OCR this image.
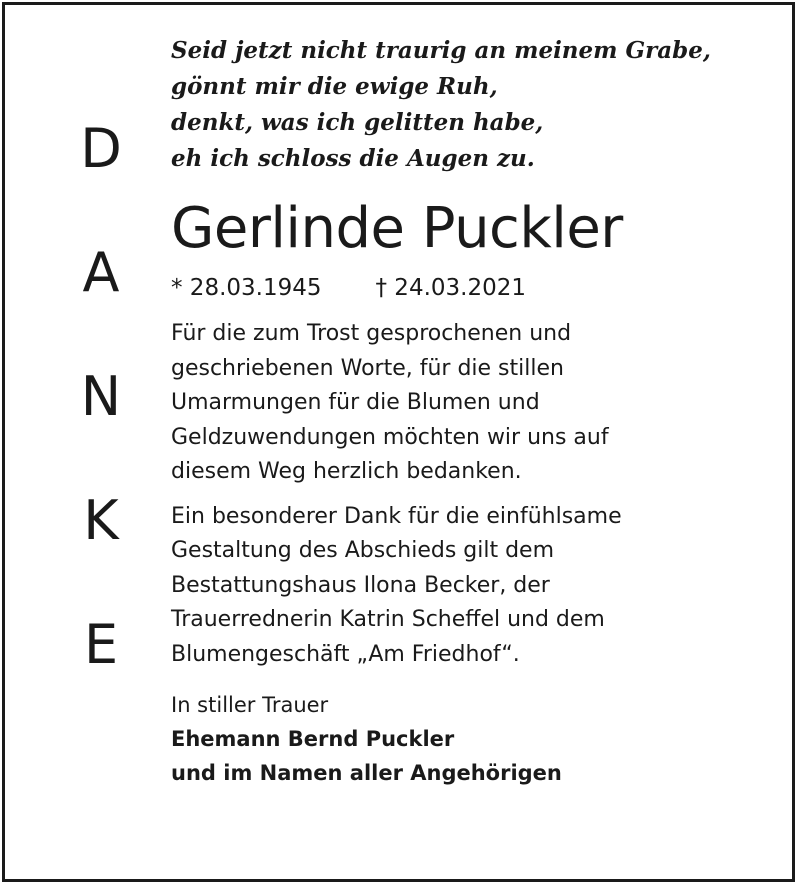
D
A
N
K
E
Seid jetzt nicht traurig an meinem Grabe,
gönnt mir die ewige Ruh,
denkt, was ich gelitten habe,
eh ich schloss die Augen zu.
Gerlinde Puckler
* 28.03.1945 † 24.03.2021
Für die zum Trost gesprochenen und
geschriebenen Worte, für die stillen
Umarmungen für die Blumen und
Geldzuwendungen möchten wir uns auf
diesem Weg herzlich bedanken.
Ein besonderer Dank für die einfühlsame
Gestaltung des Abschieds gilt dem
Bestattungshaus Ilona Becker, der
Trauerrednerin Katrin Scheffel und dem
Blumengeschäft „Am Friedhof“.
In stiller Trauer
Ehemann Bernd Puckler
und im Namen aller Angehörigen
